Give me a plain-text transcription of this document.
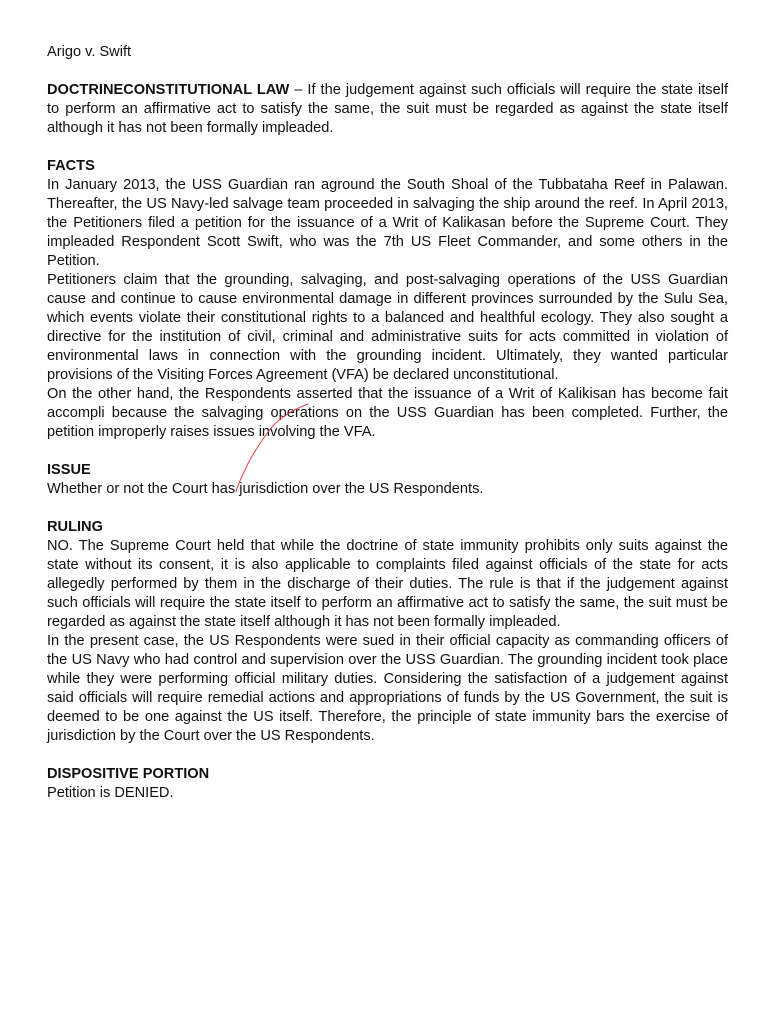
Arigo v. Swift

DOCTRINECONSTITUTIONAL LAW – If the judgement against such officials will require the state itself to perform an affirmative act to satisfy the same, the suit must be regarded as against the state itself although it has not been formally impleaded.

FACTS

In January 2013, the USS Guardian ran aground the South Shoal of the Tubbataha Reef in Palawan. Thereafter, the US Navy-led salvage team proceeded in salvaging the ship around the reef. In April 2013, the Petitioners filed a petition for the issuance of a Writ of Kalikasan before the Supreme Court. They impleaded Respondent Scott Swift, who was the 7th US Fleet Commander, and some others in the Petition.

Petitioners claim that the grounding, salvaging, and post-salvaging operations of the USS Guardian cause and continue to cause environmental damage in different provinces surrounded by the Sulu Sea, which events violate their constitutional rights to a balanced and healthful ecology. They also sought a directive for the institution of civil, criminal and administrative suits for acts committed in violation of environmental laws in connection with the grounding incident. Ultimately, they wanted particular provisions of the Visiting Forces Agreement (VFA) be declared unconstitutional.

On the other hand, the Respondents asserted that the issuance of a Writ of Kalikisan has become fait accompli because the salvaging operations on the USS Guardian has been completed. Further, the petition improperly raises issues involving the VFA.

ISSUE

Whether or not the Court has jurisdiction over the US Respondents.

RULING

NO. The Supreme Court held that while the doctrine of state immunity prohibits only suits against the state without its consent, it is also applicable to complaints filed against officials of the state for acts allegedly performed by them in the discharge of their duties. The rule is that if the judgement against such officials will require the state itself to perform an affirmative act to satisfy the same, the suit must be regarded as against the state itself although it has not been formally impleaded.

In the present case, the US Respondents were sued in their official capacity as commanding officers of the US Navy who had control and supervision over the USS Guardian. The grounding incident took place while they were performing official military duties. Considering the satisfaction of a judgement against said officials will require remedial actions and appropriations of funds by the US Government, the suit is deemed to be one against the US itself. Therefore, the principle of state immunity bars the exercise of jurisdiction by the Court over the US Respondents.

DISPOSITIVE PORTION

Petition is DENIED.
